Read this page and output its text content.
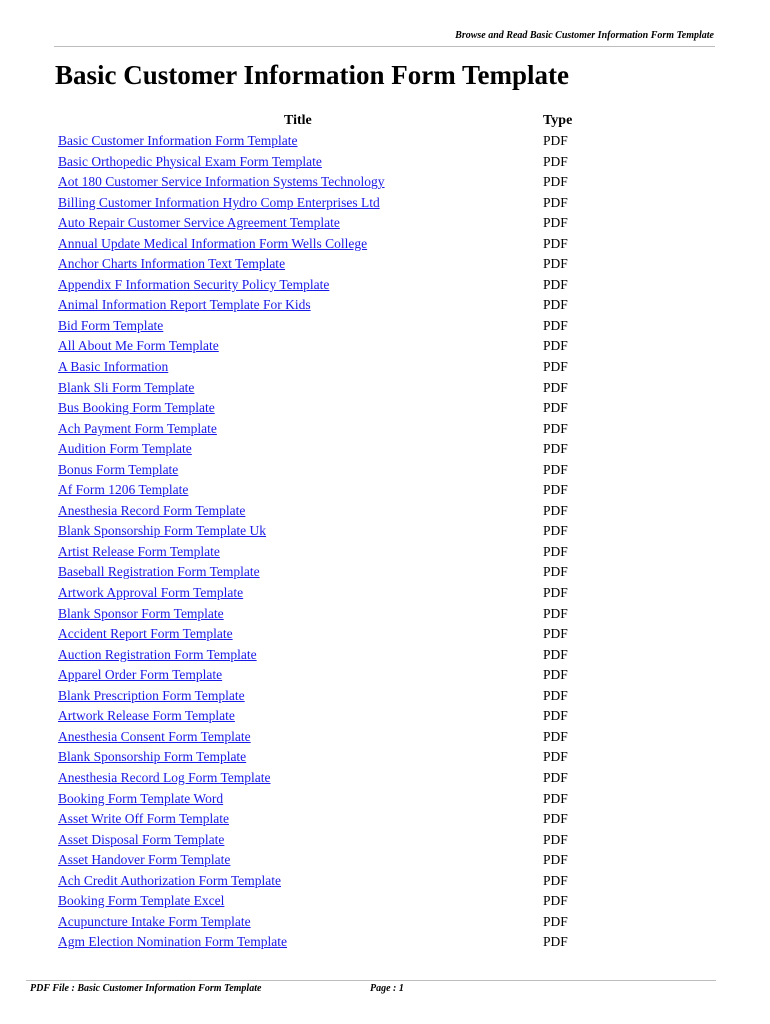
Browse and Read Basic Customer Information Form Template
Basic Customer Information Form Template
Title	Type
Basic Customer Information Form Template	PDF
Basic Orthopedic Physical Exam Form Template	PDF
Aot 180 Customer Service Information Systems Technology	PDF
Billing Customer Information Hydro Comp Enterprises Ltd	PDF
Auto Repair Customer Service Agreement Template	PDF
Annual Update Medical Information Form Wells College	PDF
Anchor Charts Information Text Template	PDF
Appendix F Information Security Policy Template	PDF
Animal Information Report Template For Kids	PDF
Bid Form Template	PDF
All About Me Form Template	PDF
A Basic Information	PDF
Blank Sli Form Template	PDF
Bus Booking Form Template	PDF
Ach Payment Form Template	PDF
Audition Form Template	PDF
Bonus Form Template	PDF
Af Form 1206 Template	PDF
Anesthesia Record Form Template	PDF
Blank Sponsorship Form Template Uk	PDF
Artist Release Form Template	PDF
Baseball Registration Form Template	PDF
Artwork Approval Form Template	PDF
Blank Sponsor Form Template	PDF
Accident Report Form Template	PDF
Auction Registration Form Template	PDF
Apparel Order Form Template	PDF
Blank Prescription Form Template	PDF
Artwork Release Form Template	PDF
Anesthesia Consent Form Template	PDF
Blank Sponsorship Form Template	PDF
Anesthesia Record Log Form Template	PDF
Booking Form Template Word	PDF
Asset Write Off Form Template	PDF
Asset Disposal Form Template	PDF
Asset Handover Form Template	PDF
Ach Credit Authorization Form Template	PDF
Booking Form Template Excel	PDF
Acupuncture Intake Form Template	PDF
Agm Election Nomination Form Template	PDF
PDF File : Basic Customer Information Form Template	Page : 1
